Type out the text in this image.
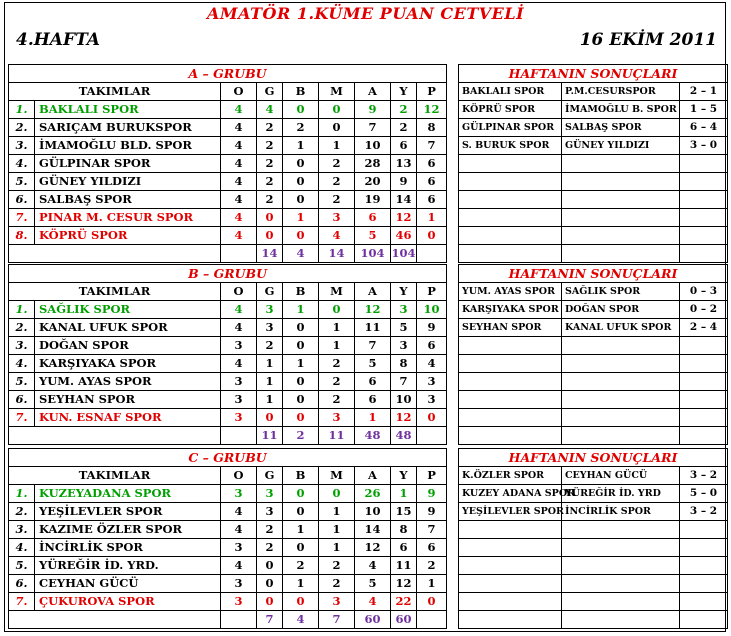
AMATÖR 1.KÜME PUAN CETVELİ
4.HAFTA	16 EKİM 2011
A – GRUBU								
TAKIMLAR		O	G	B	M	A	Y	P
1.	BAKLALI SPOR	4	4	0	0	9	2	12
2.	SARIÇAM BURUKSPOR	4	2	2	0	7	2	8
3.	İMAMOĞLU BLD. SPOR	4	2	1	1	10	6	7
4.	GÜLPINAR SPOR	4	2	0	2	28	13	6
5.	GÜNEY YILDIZI	4	2	0	2	20	9	6
6.	SALBAŞ SPOR	4	2	0	2	19	14	6
7.	PINAR M. CESUR SPOR	4	0	1	3	6	12	1
8.	KÖPRÜ SPOR	4	0	0	4	5	46	0
			14	4	14	104	104	
HAFTANIN SONUÇLARI		
BAKLALI SPOR	P.M.CESURSPOR	2 – 1
KÖPRÜ SPOR	İMAMOĞLU B. SPOR	1 – 5
GÜLPINAR SPOR	SALBAŞ SPOR	6 – 4
S. BURUK SPOR	GÜNEY YILDIZI	3 – 0

B – GRUBU								
TAKIMLAR		O	G	B	M	A	Y	P
1.	SAĞLIK SPOR	4	3	1	0	12	3	10
2.	KANAL UFUK SPOR	4	3	0	1	11	5	9
3.	DOĞAN SPOR	3	2	0	1	7	3	6
4.	KARŞIYAKA SPOR	4	1	1	2	5	8	4
5.	YUM. AYAS SPOR	3	1	0	2	6	7	3
6.	SEYHAN SPOR	3	1	0	2	6	10	3
7.	KUN. ESNAF SPOR	3	0	0	3	1	12	0
			11	2	11	48	48	
HAFTANIN SONUÇLARI		
YUM. AYAS SPOR	SAĞLIK SPOR	0 – 3
KARŞIYAKA SPOR	DOĞAN SPOR	0 – 2
SEYHAN SPOR	KANAL UFUK SPOR	2 – 4

C – GRUBU								
TAKIMLAR		O	G	B	M	A	Y	P
1.	KUZEYADANA SPOR	3	3	0	0	26	1	9
2.	YEŞİLEVLER SPOR	4	3	0	1	10	15	9
3.	KAZIME ÖZLER SPOR	4	2	1	1	14	8	7
4.	İNCİRLİK SPOR	3	2	0	1	12	6	6
5.	YÜREĞİR İD. YRD.	4	0	2	2	4	11	2
6.	CEYHAN GÜCÜ	3	0	1	2	5	12	1
7.	ÇUKUROVA SPOR	3	0	0	3	4	22	0
			7	4	7	60	60	
HAFTANIN SONUÇLARI		
K.ÖZLER SPOR	CEYHAN GÜCÜ	3 – 2
KUZEY ADANA SPOR	YÜREĞİR İD. YRD	5 – 0
YEŞİLEVLER SPOR	İNCİRLİK SPOR	3 – 2
